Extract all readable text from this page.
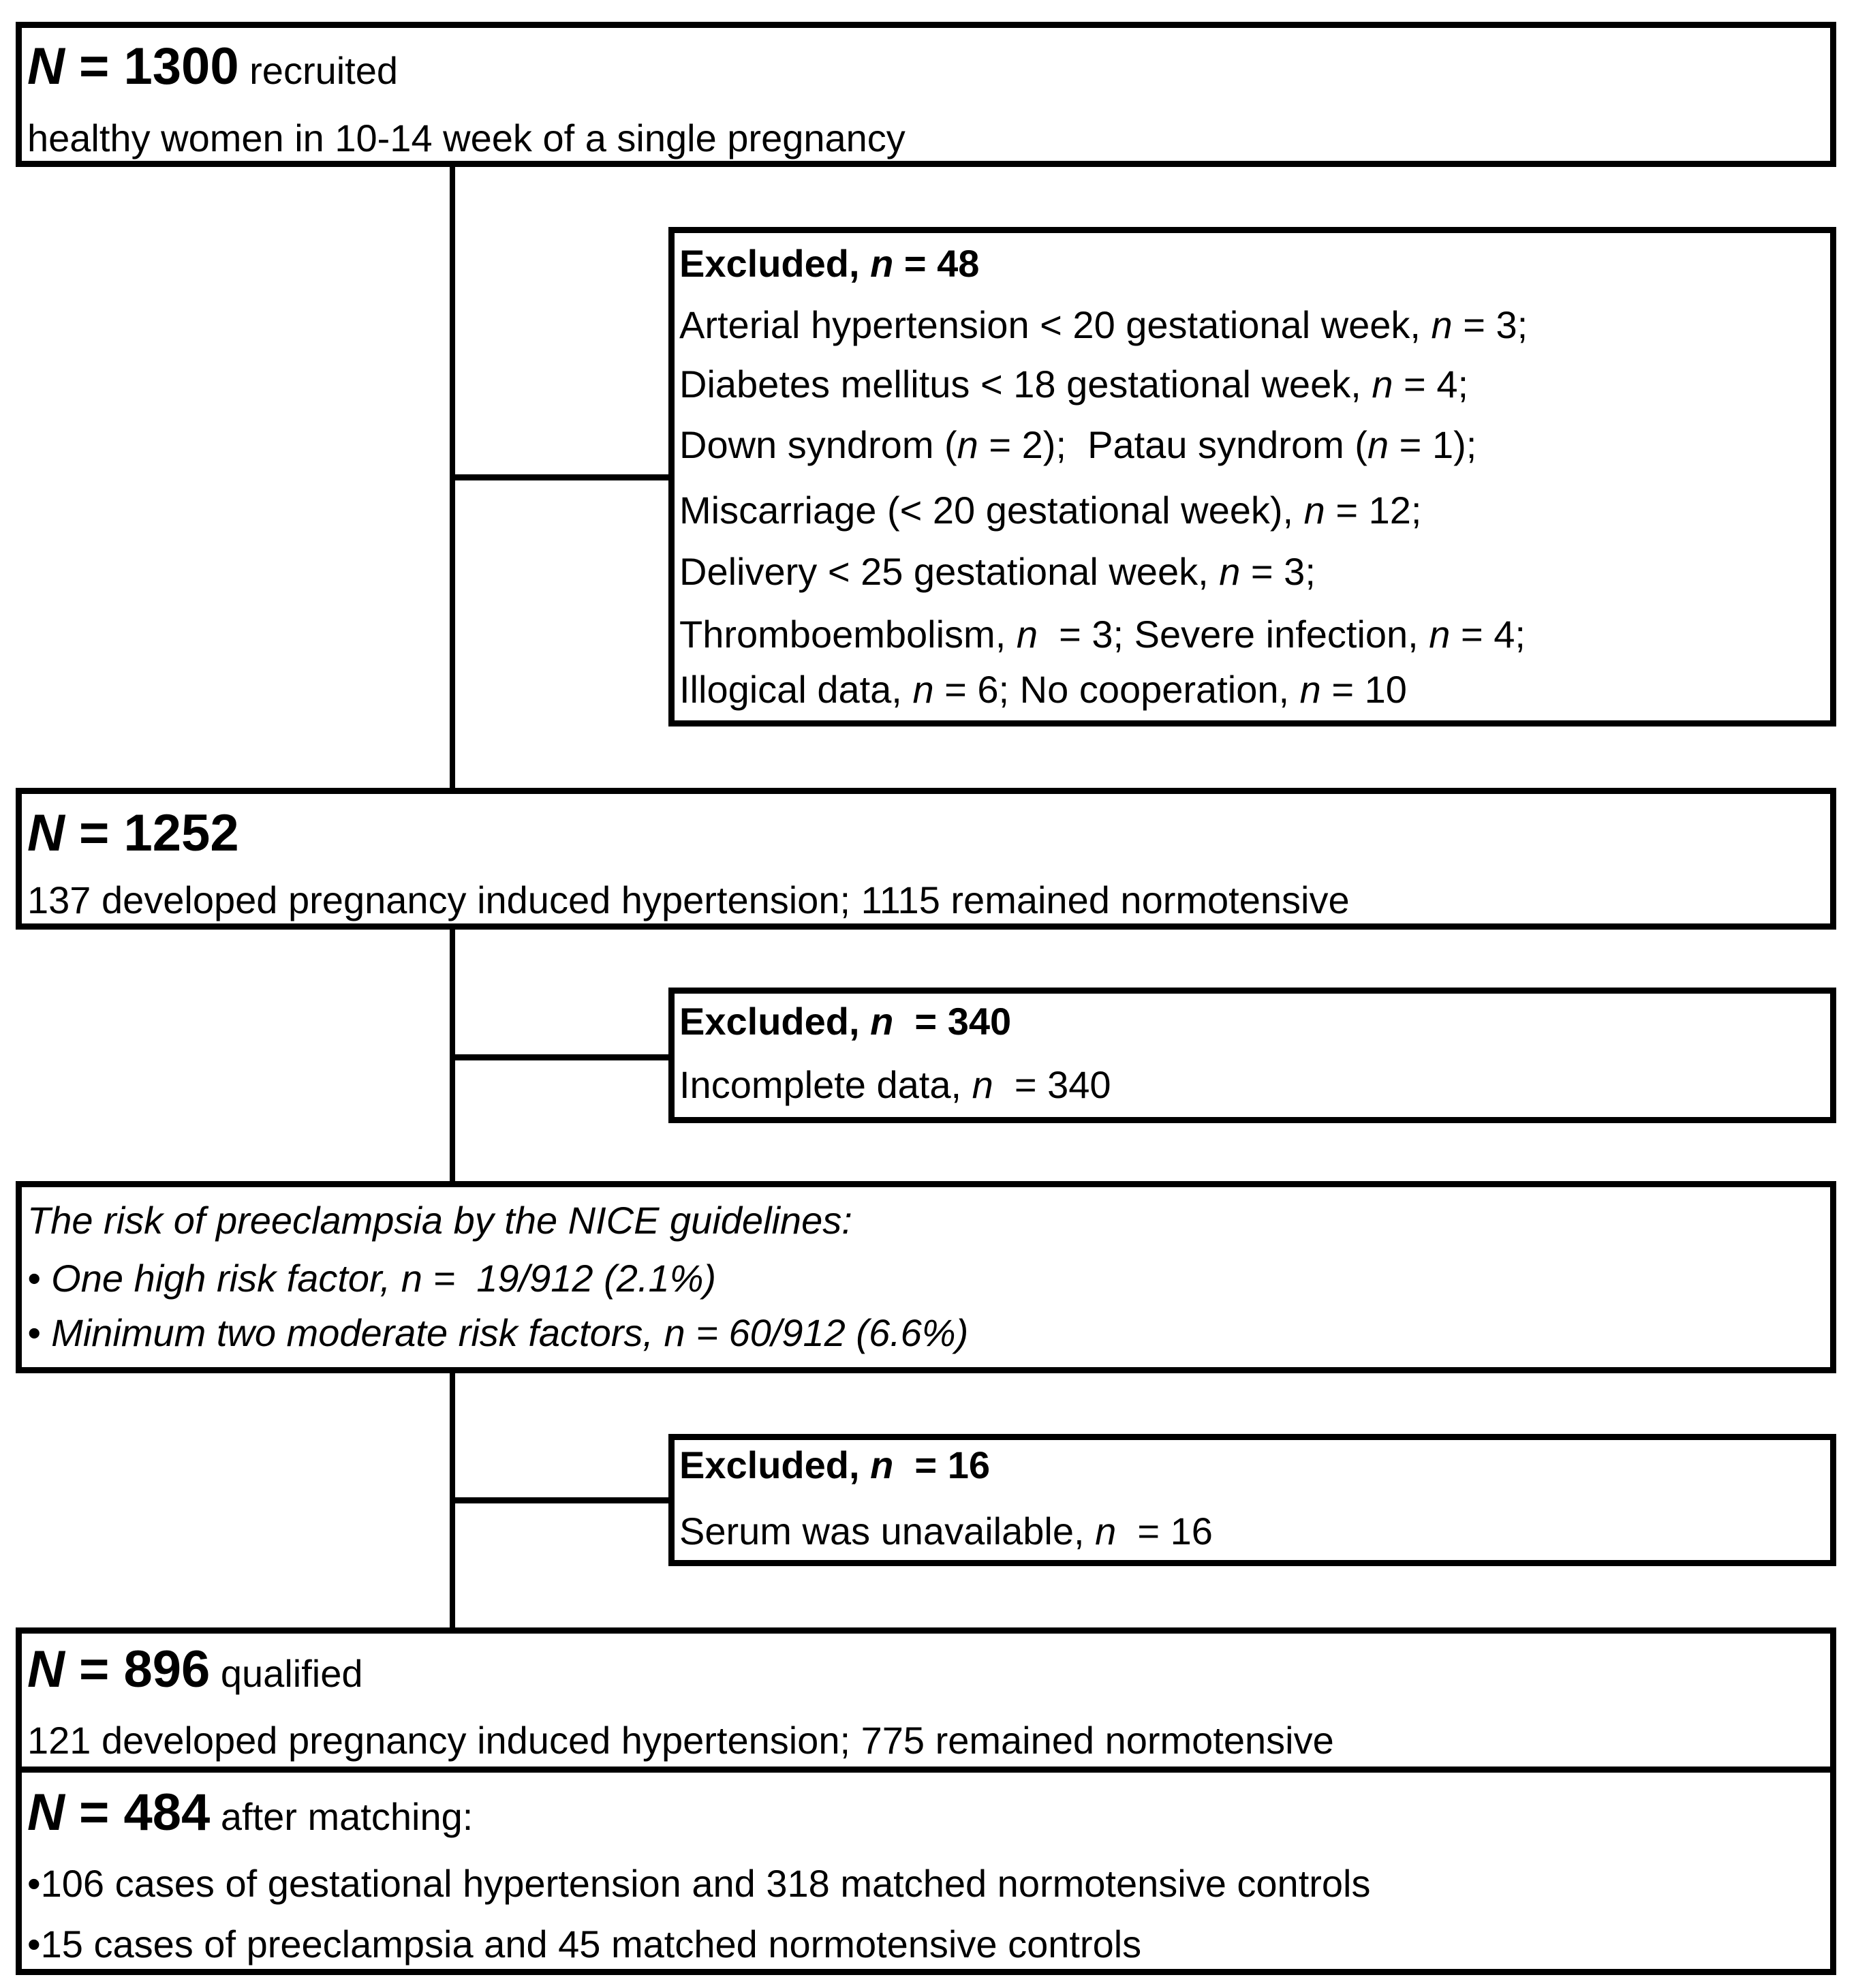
N = 1300
recruited
healthy women in 10-14 week of a single pregnancy
Excluded, n = 48
Arterial hypertension < 20 gestational week, n = 3;
Diabetes mellitus < 18 gestational week, n = 4;
Down syndrom (n = 2);  Patau syndrom (n = 1);
Miscarriage (< 20 gestational week), n = 12;
Delivery < 25 gestational week, n = 3;
Thromboembolism, n  = 3; Severe infection, n = 4;
Illogical data, n = 6; No cooperation, n = 10
N = 1252
137 developed pregnancy induced hypertension; 1115 remained normotensive
Excluded, n  = 340
Incomplete data, n  = 340
The risk of preeclampsia by the NICE guidelines:
• One high risk factor, n =  19/912 (2.1%)
• Minimum two moderate risk factors, n = 60/912 (6.6%)
Excluded, n  = 16
Serum was unavailable, n  = 16
N = 896
qualified
121 developed pregnancy induced hypertension; 775 remained normotensive
N = 484
after matching:
•106 cases of gestational hypertension and 318 matched normotensive controls
•15 cases of preeclampsia and 45 matched normotensive controls
